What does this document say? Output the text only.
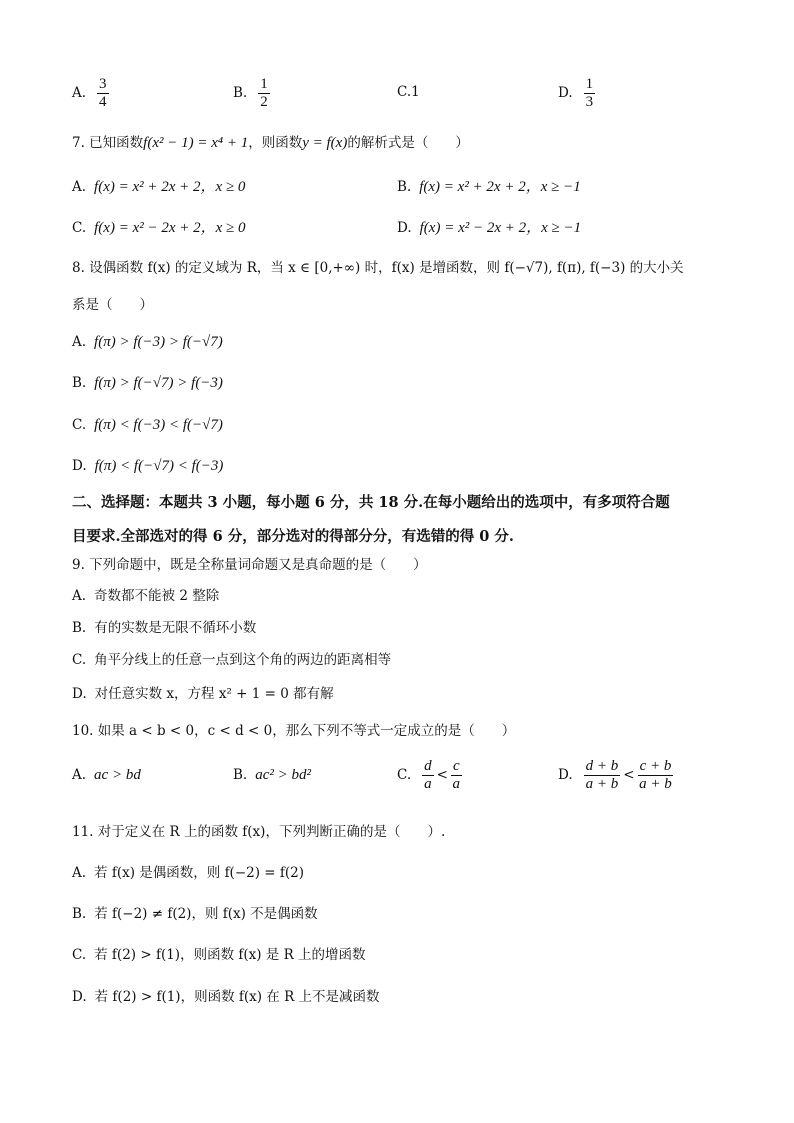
A. $\frac{3}{4}$	B. $\frac{1}{2}$	C.1	D. $\frac{1}{3}$
7. 已知函数f(x² − 1) = x⁴ + 1，则函数y = f(x)的解析式是（　　）
A. f(x) = x² + 2x + 2，x ≥ 0	B. f(x) = x² + 2x + 2，x ≥ −1
C. f(x) = x² − 2x + 2，x ≥ 0	D. f(x) = x² − 2x + 2，x ≥ −1
8. 设偶函数 f(x) 的定义域为 R，当 x ∈ [0,+∞) 时，f(x) 是增函数，则 f(−√7), f(π), f(−3) 的大小关
系是（　　）
A. f(π) > f(−3) > f(−√7)
B. f(π) > f(−√7) > f(−3)
C. f(π) < f(−3) < f(−√7)
D. f(π) < f(−√7) < f(−3)
二、选择题：本题共 3 小题，每小题 6 分，共 18 分.在每小题给出的选项中，有多项符合题
目要求.全部选对的得 6 分，部分选对的得部分分，有选错的得 0 分.
9. 下列命题中，既是全称量词命题又是真命题的是（　　）
A. 奇数都不能被 2 整除
B. 有的实数是无限不循环小数
C. 角平分线上的任意一点到这个角的两边的距离相等
D. 对任意实数 x，方程 x² + 1 = 0 都有解
10. 如果 a < b < 0，c < d < 0，那么下列不等式一定成立的是（　　）
A. ac > bd	B. ac² > bd²	C. $\frac{d}{a} < \frac{c}{a}$	D. $\frac{d + b}{a + b} < \frac{c + b}{a + b}$
11. 对于定义在 R 上的函数 f(x)，下列判断正确的是（　　）.
A. 若 f(x) 是偶函数，则 f(−2) = f(2)
B. 若 f(−2) ≠ f(2)，则 f(x) 不是偶函数
C. 若 f(2) > f(1)，则函数 f(x) 是 R 上的增函数
D. 若 f(2) > f(1)，则函数 f(x) 在 R 上不是减函数
